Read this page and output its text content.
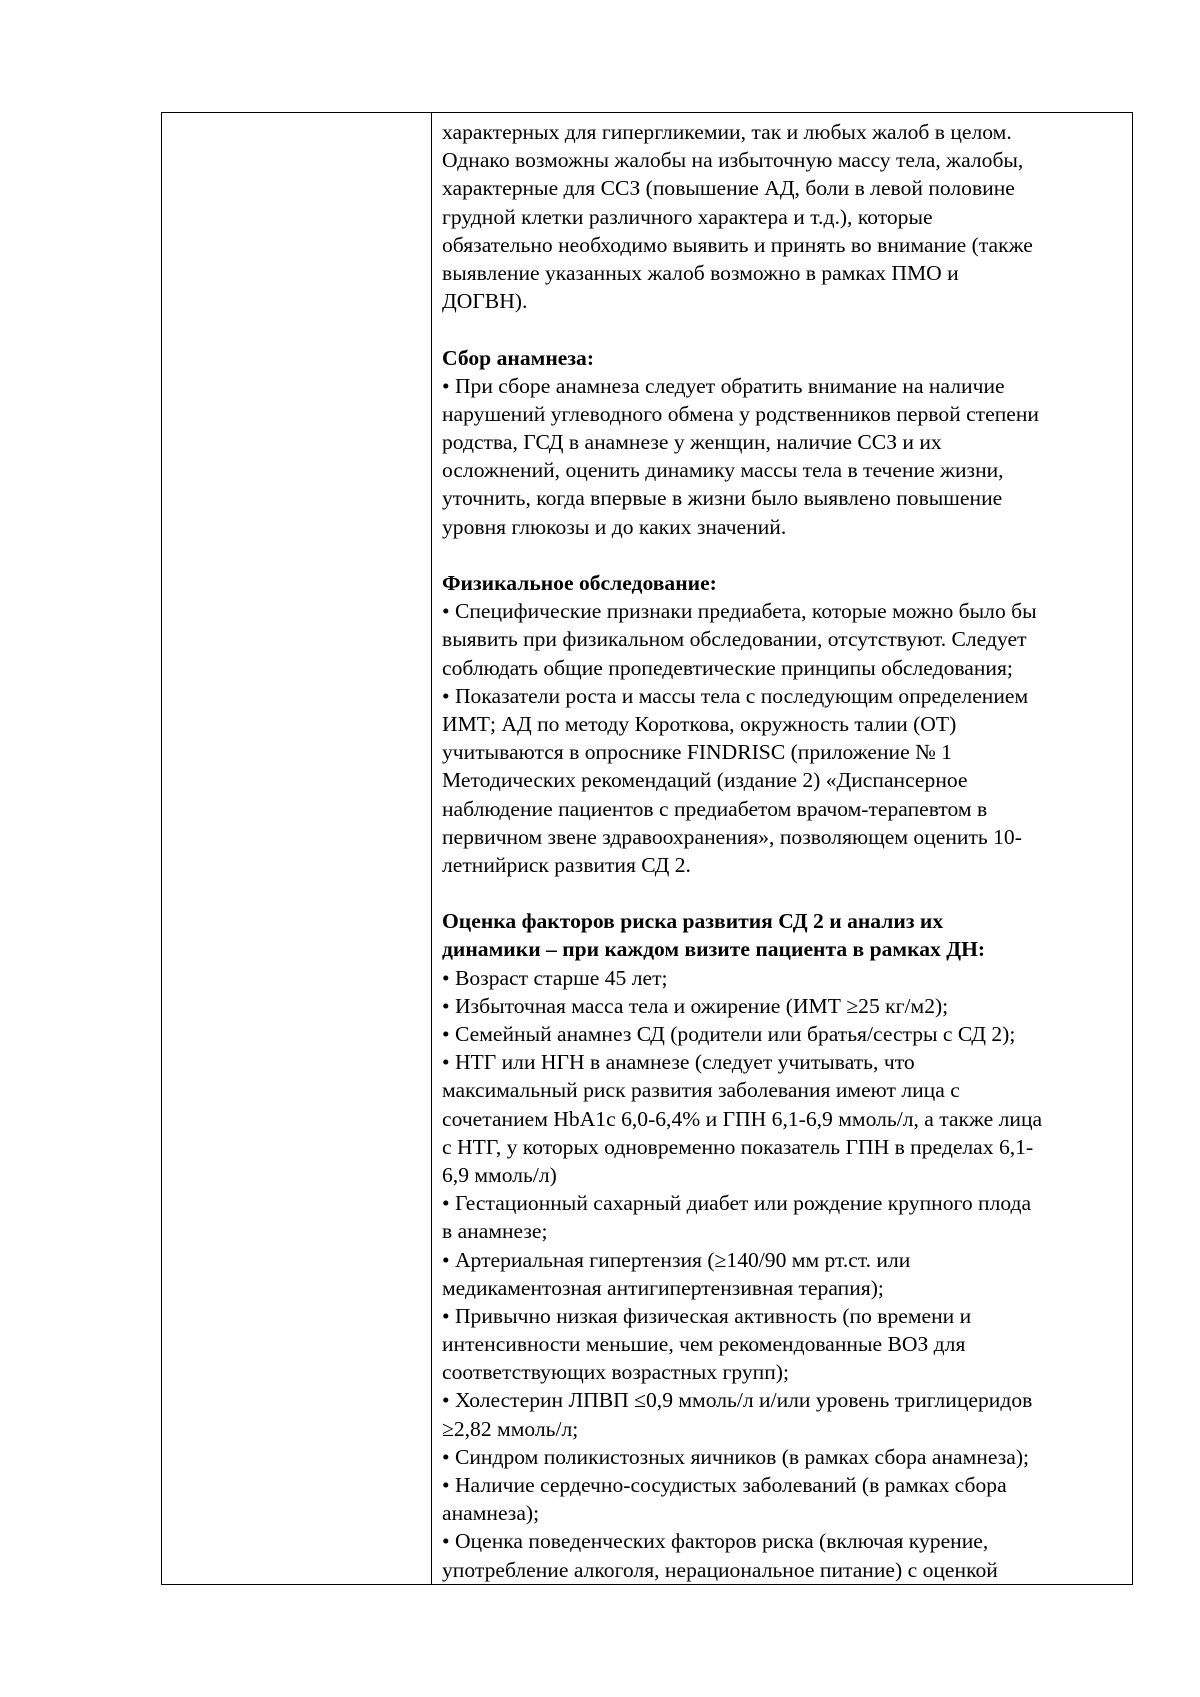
характерных для гипергликемии, так и любых жалоб в целом.
Однако возможны жалобы на избыточную массу тела, жалобы,
характерные для ССЗ (повышение АД, боли в левой половине
грудной клетки различного характера и т.д.), которые
обязательно необходимо выявить и принять во внимание (также
выявление указанных жалоб возможно в рамках ПМО и
ДОГВН).
Сбор анамнеза:
• При сборе анамнеза следует обратить внимание на наличие
нарушений углеводного обмена у родственников первой степени
родства, ГСД в анамнезе у женщин, наличие ССЗ и их
осложнений, оценить динамику массы тела в течение жизни,
уточнить, когда впервые в жизни было выявлено повышение
уровня глюкозы и до каких значений.
Физикальное обследование:
• Специфические признаки предиабета, которые можно было бы
выявить при физикальном обследовании, отсутствуют. Следует
соблюдать общие пропедевтические принципы обследования;
• Показатели роста и массы тела с последующим определением
ИМТ; АД по методу Короткова, окружность талии (ОТ)
учитываются в опроснике FINDRISC (приложение № 1
Методических рекомендаций (издание 2) «Диспансерное
наблюдение пациентов с предиабетом врачом-терапевтом в
первичном звене здравоохранения», позволяющем оценить 10-
летнийриск развития СД 2.
Оценка факторов риска развития СД 2 и анализ их
динамики – при каждом визите пациента в рамках ДН:
• Возраст старше 45 лет;
• Избыточная масса тела и ожирение (ИМТ ≥25 кг/м2);
• Семейный анамнез СД (родители или братья/сестры с СД 2);
• НТГ или НГН в анамнезе (следует учитывать, что
максимальный риск развития заболевания имеют лица с
сочетанием HbA1c 6,0-6,4% и ГПН 6,1-6,9 ммоль/л, а также лица
с НТГ, у которых одновременно показатель ГПН в пределах 6,1-
6,9 ммоль/л)
• Гестационный сахарный диабет или рождение крупного плода
в анамнезе;
• Артериальная гипертензия (≥140/90 мм рт.ст. или
медикаментозная антигипертензивная терапия);
• Привычно низкая физическая активность (по времени и
интенсивности меньшие, чем рекомендованные ВОЗ для
соответствующих возрастных групп);
• Холестерин ЛПВП ≤0,9 ммоль/л и/или уровень триглицеридов
≥2,82 ммоль/л;
• Синдром поликистозных яичников (в рамках сбора анамнеза);
• Наличие сердечно-сосудистых заболеваний (в рамках сбора
анамнеза);
• Оценка поведенческих факторов риска (включая курение,
употребление алкоголя, нерациональное питание) с оценкой
